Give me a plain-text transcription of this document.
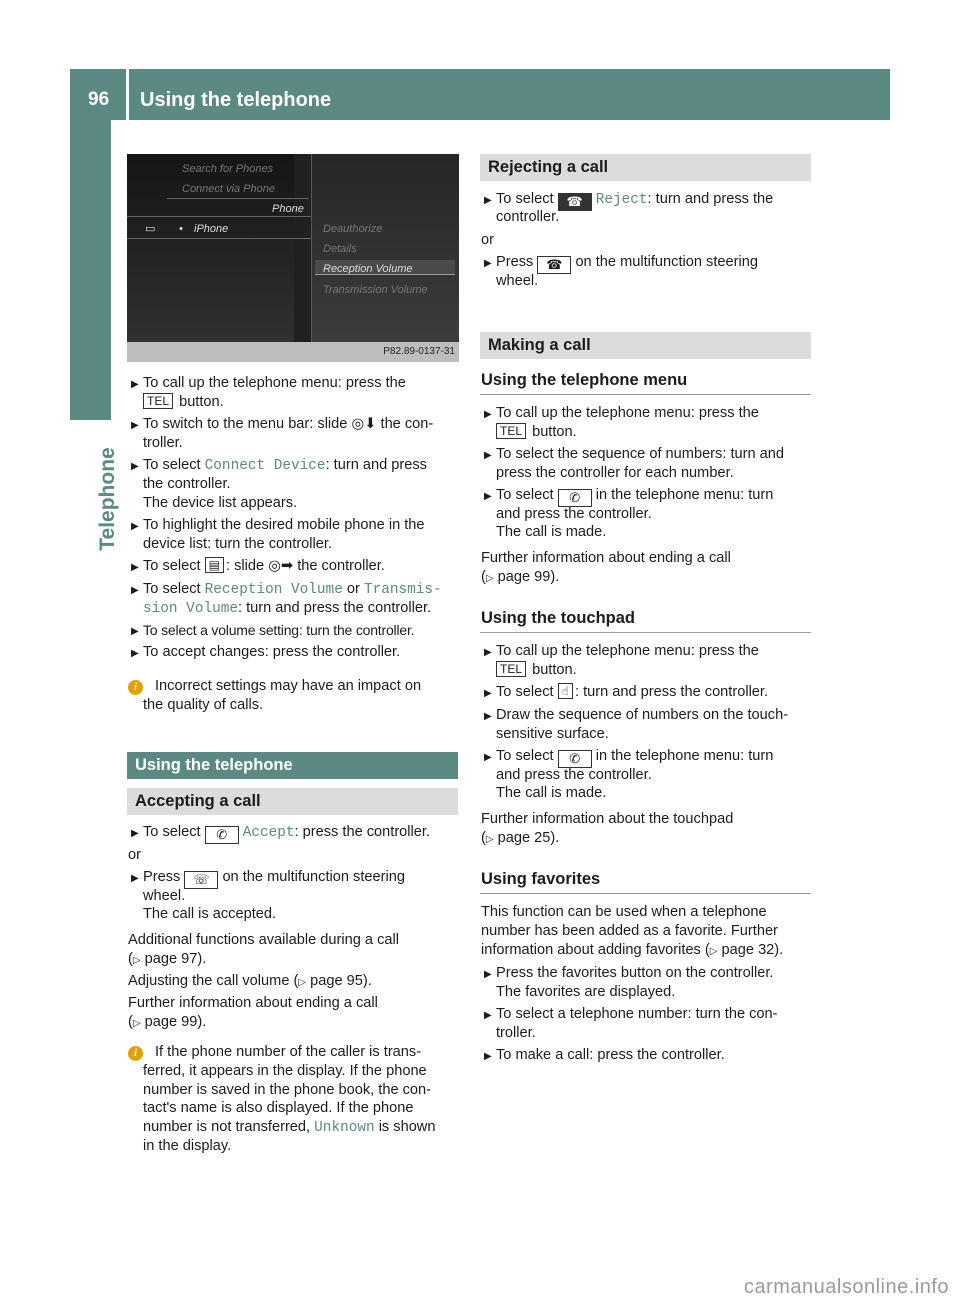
96 Using the telephone
Telephone
Search for Phones
Connect via Phone
Phone
▭ • iPhone	Deauthorize
Details
Reception Volume
Transmission Volume
P82.89-0137-31
▶ To call up the telephone menu: press the
TEL button.
▶ To switch to the menu bar: slide ◎⬇ the con-
troller.
▶ To select Connect Device: turn and press
the controller.
The device list appears.
▶ To highlight the desired mobile phone in the
device list: turn the controller.
▶ To select ▤ : slide ◎➡ the controller.
▶ To select Reception Volume or Transmis‐
sion Volume: turn and press the controller.
▶ To select a volume setting: turn the controller.
▶ To accept changes: press the controller.
i Incorrect settings may have an impact on
the quality of calls.
Using the telephone
Accepting a call
▶ To select ✆ Accept: press the controller.
or
▶ Press ☏ on the multifunction steering
wheel.
The call is accepted.
Additional functions available during a call
(▷ page 97).
Adjusting the call volume (▷ page 95).
Further information about ending a call
(▷ page 99).
i If the phone number of the caller is trans-
ferred, it appears in the display. If the phone
number is saved in the phone book, the con-
tact's name is also displayed. If the phone
number is not transferred, Unknown is shown
in the display.
Rejecting a call
▶ To select ☎ Reject: turn and press the
controller.
or
▶ Press ☎ on the multifunction steering
wheel.
Making a call
Using the telephone menu
▶ To call up the telephone menu: press the
TEL button.
▶ To select the sequence of numbers: turn and
press the controller for each number.
▶ To select ✆ in the telephone menu: turn
and press the controller.
The call is made.
Further information about ending a call
(▷ page 99).
Using the touchpad
▶ To call up the telephone menu: press the
TEL button.
▶ To select ☝ : turn and press the controller.
▶ Draw the sequence of numbers on the touch-
sensitive surface.
▶ To select ✆ in the telephone menu: turn
and press the controller.
The call is made.
Further information about the touchpad
(▷ page 25).
Using favorites
This function can be used when a telephone
number has been added as a favorite. Further
information about adding favorites (▷ page 32).
▶ Press the favorites button on the controller.
The favorites are displayed.
▶ To select a telephone number: turn the con-
troller.
▶ To make a call: press the controller.
carmanualsonline.info
